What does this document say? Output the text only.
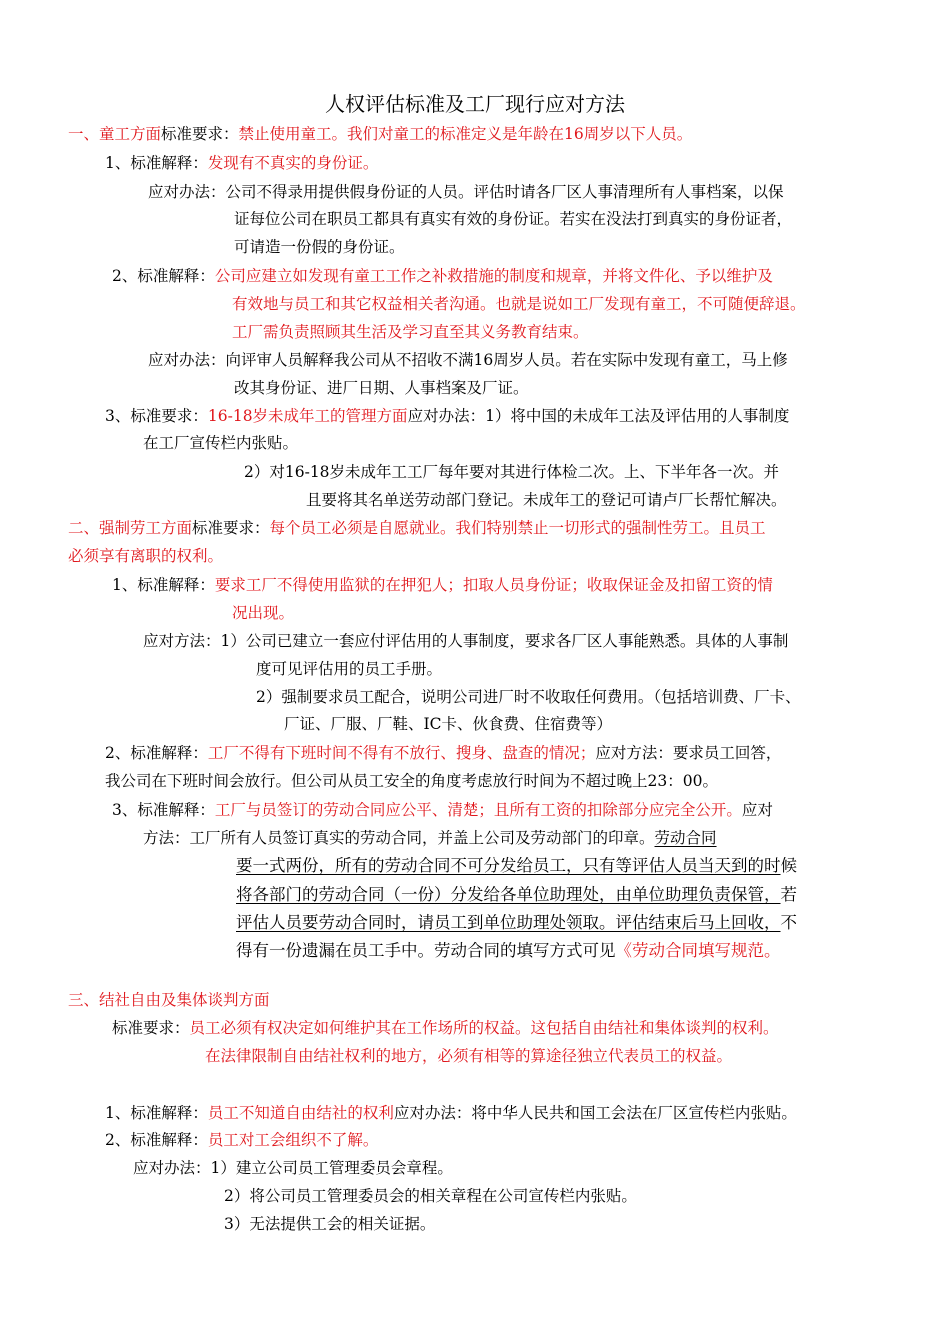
人权评估标准及工厂现行应对方法
一、童工方面标准要求：禁止使用童工。我们对童工的标准定义是年龄在16周岁以下人员。
1、标准解释：发现有不真实的身份证。
应对办法：公司不得录用提供假身份证的人员。评估时请各厂区人事清理所有人事档案，以保
证每位公司在职员工都具有真实有效的身份证。若实在没法打到真实的身份证者，
可请造一份假的身份证。
2、标准解释：公司应建立如发现有童工工作之补救措施的制度和规章，并将文件化、予以维护及
有效地与员工和其它权益相关者沟通。也就是说如工厂发现有童工，不可随便辞退。
工厂需负责照顾其生活及学习直至其义务教育结束。
应对办法：向评审人员解释我公司从不招收不满16周岁人员。若在实际中发现有童工，马上修
改其身份证、进厂日期、人事档案及厂证。
3、标准要求：16-18岁未成年工的管理方面应对办法：1）将中国的未成年工法及评估用的人事制度
在工厂宣传栏内张贴。
2）对16-18岁未成年工工厂每年要对其进行体检二次。上、下半年各一次。并
且要将其名单送劳动部门登记。未成年工的登记可请卢厂长帮忙解决。
二、强制劳工方面标准要求：每个员工必须是自愿就业。我们特别禁止一切形式的强制性劳工。且员工
必须享有离职的权利。
1、标准解释：要求工厂不得使用监狱的在押犯人；扣取人员身份证；收取保证金及扣留工资的情
况出现。
应对方法：1）公司已建立一套应付评估用的人事制度，要求各厂区人事能熟悉。具体的人事制
度可见评估用的员工手册。
2）强制要求员工配合，说明公司进厂时不收取任何费用。（包括培训费、厂卡、
厂证、厂服、厂鞋、IC卡、伙食费、住宿费等）
2、标准解释：工厂不得有下班时间不得有不放行、搜身、盘查的情况；应对方法：要求员工回答，
我公司在下班时间会放行。但公司从员工安全的角度考虑放行时间为不超过晚上23：00。
3、标准解释：工厂与员签订的劳动合同应公平、清楚；且所有工资的扣除部分应完全公开。应对
方法：工厂所有人员签订真实的劳动合同，并盖上公司及劳动部门的印章。劳动合同
要一式两份，所有的劳动合同不可分发给员工，只有等评估人员当天到的时候
将各部门的劳动合同（一份）分发给各单位助理处，由单位助理负责保管，若
评估人员要劳动合同时，请员工到单位助理处领取。评估结束后马上回收，不
得有一份遗漏在员工手中。劳动合同的填写方式可见《劳动合同填写规范。
三、结社自由及集体谈判方面
标准要求：员工必须有权决定如何维护其在工作场所的权益。这包括自由结社和集体谈判的权利。
在法律限制自由结社权利的地方，必须有相等的算途径独立代表员工的权益。
1、标准解释：员工不知道自由结社的权利应对办法：将中华人民共和国工会法在厂区宣传栏内张贴。
2、标准解释：员工对工会组织不了解。
应对办法：1）建立公司员工管理委员会章程。
2）将公司员工管理委员会的相关章程在公司宣传栏内张贴。
3）无法提供工会的相关证据。
